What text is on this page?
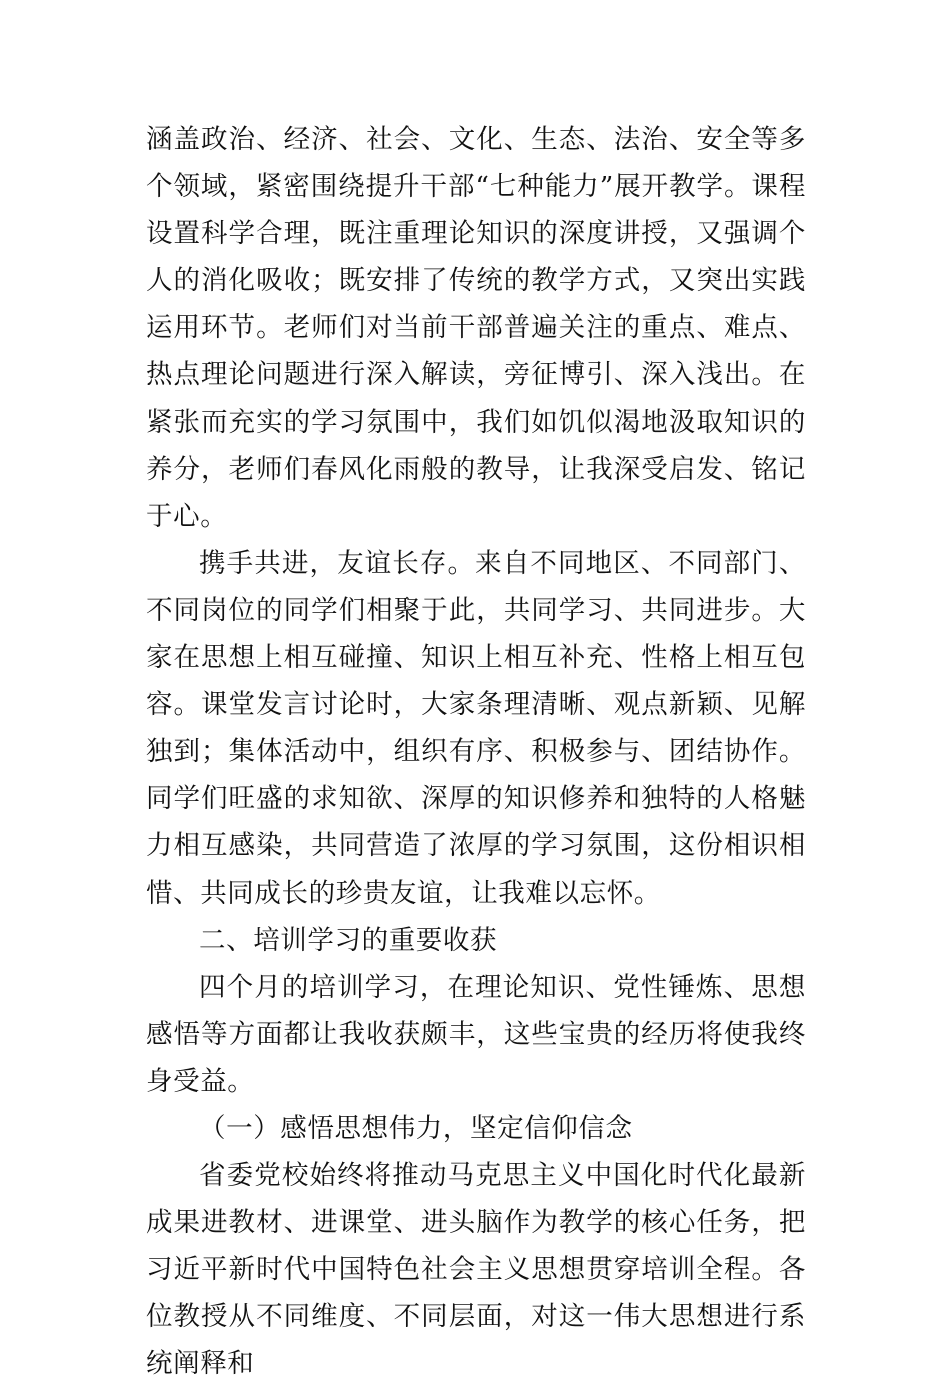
涵盖政治、经济、社会、文化、生态、法治、安全等多个领域，紧密围绕提升干部“七种能力”展开教学。课程设置科学合理，既注重理论知识的深度讲授，又强调个人的消化吸收；既安排了传统的教学方式，又突出实践运用环节。老师们对当前干部普遍关注的重点、难点、热点理论问题进行深入解读，旁征博引、深入浅出。在紧张而充实的学习氛围中，我们如饥似渴地汲取知识的养分，老师们春风化雨般的教导，让我深受启发、铭记于心。

携手共进，友谊长存。来自不同地区、不同部门、不同岗位的同学们相聚于此，共同学习、共同进步。大家在思想上相互碰撞、知识上相互补充、性格上相互包容。课堂发言讨论时，大家条理清晰、观点新颖、见解独到；集体活动中，组织有序、积极参与、团结协作。同学们旺盛的求知欲、深厚的知识修养和独特的人格魅力相互感染，共同营造了浓厚的学习氛围，这份相识相惜、共同成长的珍贵友谊，让我难以忘怀。

二、培训学习的重要收获

四个月的培训学习，在理论知识、党性锤炼、思想感悟等方面都让我收获颇丰，这些宝贵的经历将使我终身受益。

（一）感悟思想伟力，坚定信仰信念

省委党校始终将推动马克思主义中国化时代化最新成果进教材、进课堂、进头脑作为教学的核心任务，把习近平新时代中国特色社会主义思想贯穿培训全程。各位教授从不同维度、不同层面，对这一伟大思想进行系统阐释和
